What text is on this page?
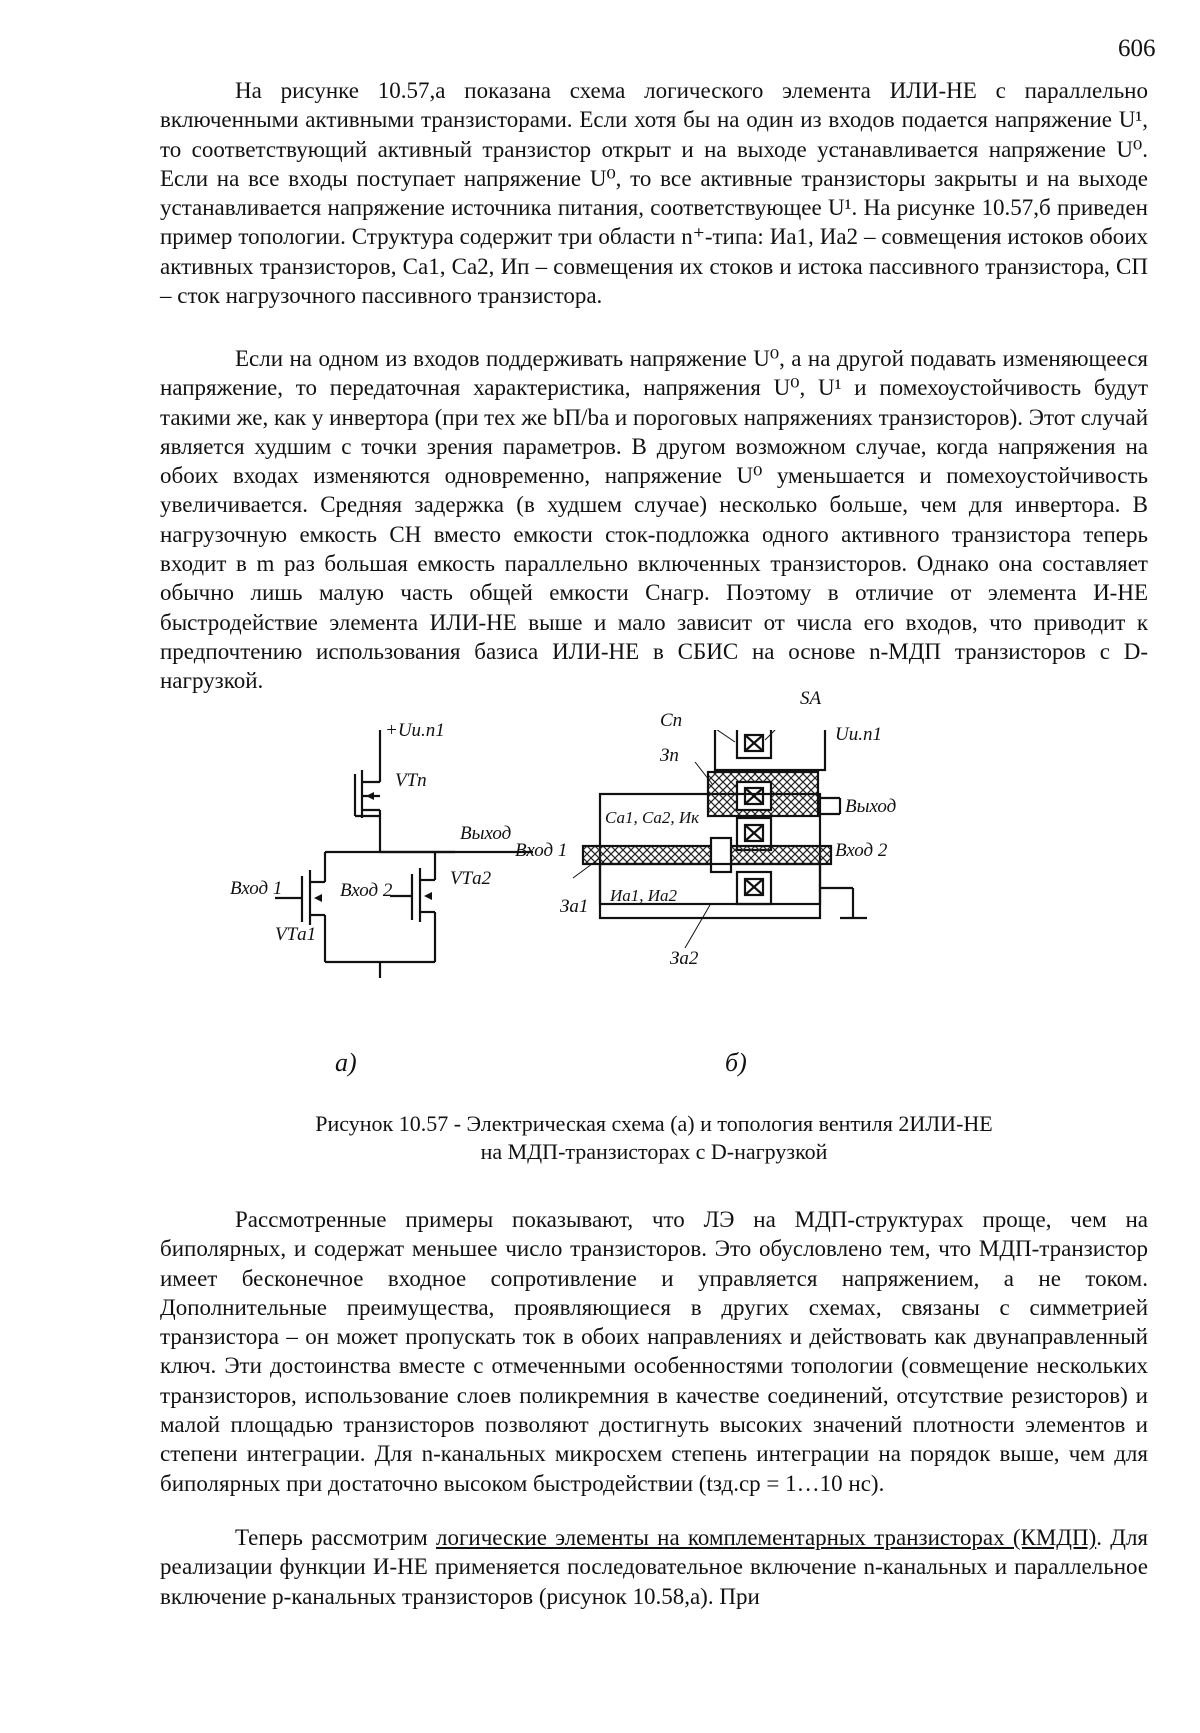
606

На рисунке 10.57,а показана схема логического элемента ИЛИ-НЕ с параллельно включенными активными транзисторами. Если хотя бы на один из входов подается напряжение U¹, то соответствующий активный транзистор открыт и на выходе устанавливается напряжение U⁰. Если на все входы поступает напряжение U⁰, то все активные транзисторы закрыты и на выходе устанавливается напряжение источника питания, соответствующее U¹. На рисунке 10.57,б приведен пример топологии. Структура содержит три области n⁺-типа: Иа1, Иа2 – совмещения истоков обоих активных транзисторов, Са1, Са2, Ип – совмещения их стоков и истока пассивного транзистора, СП – сток нагрузочного пассивного транзистора.

Если на одном из входов поддерживать напряжение U⁰, а на другой подавать изменяющееся напряжение, то передаточная характеристика, напряжения U⁰, U¹ и помехоустойчивость будут такими же, как у инвертора (при тех же bП/bа и пороговых напряжениях транзисторов). Этот случай является худшим с точки зрения параметров. В другом возможном случае, когда напряжения на обоих входах изменяются одновременно, напряжение U⁰ уменьшается и помехоустойчивость увеличивается. Средняя задержка (в худшем случае) несколько больше, чем для инвертора. В нагрузочную емкость CH вместо емкости сток-подложка одного активного транзистора теперь входит в m раз большая емкость параллельно включенных транзисторов. Однако она составляет обычно лишь малую часть общей емкости Cнагр. Поэтому в отличие от элемента И-НЕ быстродействие элемента ИЛИ-НЕ выше и мало зависит от числа его входов, что приводит к предпочтению использования базиса ИЛИ-НЕ в СБИС на основе n-МДП транзисторов с D-нагрузкой.

+Uи.п1
VTп
Выход
Вход 1	Вход 2
VTа2
VTа1
а)
SA
Сп
Uи.п1
Зп
Выход
Са1, Са2, Ик
Вход 1	Вход 2
За1
Иа1, Иа2
За2
б)
Рисунок 10.57 - Электрическая схема (а) и топология вентиля 2ИЛИ-НЕ
на МДП-транзисторах с D-нагрузкой

Рассмотренные примеры показывают, что ЛЭ на МДП-структурах проще, чем на биполярных, и содержат меньшее число транзисторов. Это обусловлено тем, что МДП-транзистор имеет бесконечное входное сопротивление и управляется напряжением, а не током. Дополнительные преимущества, проявляющиеся в других схемах, связаны с симметрией транзистора – он может пропускать ток в обоих направлениях и действовать как двунаправленный ключ. Эти достоинства вместе с отмеченными особенностями топологии (совмещение нескольких транзисторов, использование слоев поликремния в качестве соединений, отсутствие резисторов) и малой площадью транзисторов позволяют достигнуть высоких значений плотности элементов и степени интеграции. Для n-канальных микросхем степень интеграции на порядок выше, чем для биполярных при достаточно высоком быстродействии (tзд.ср = 1…10 нс).

Теперь рассмотрим логические элементы на комплементарных транзисторах (КМДП). Для реализации функции И-НЕ применяется последовательное включение n-канальных и параллельное включение p-канальных транзисторов (рисунок 10.58,а). При
